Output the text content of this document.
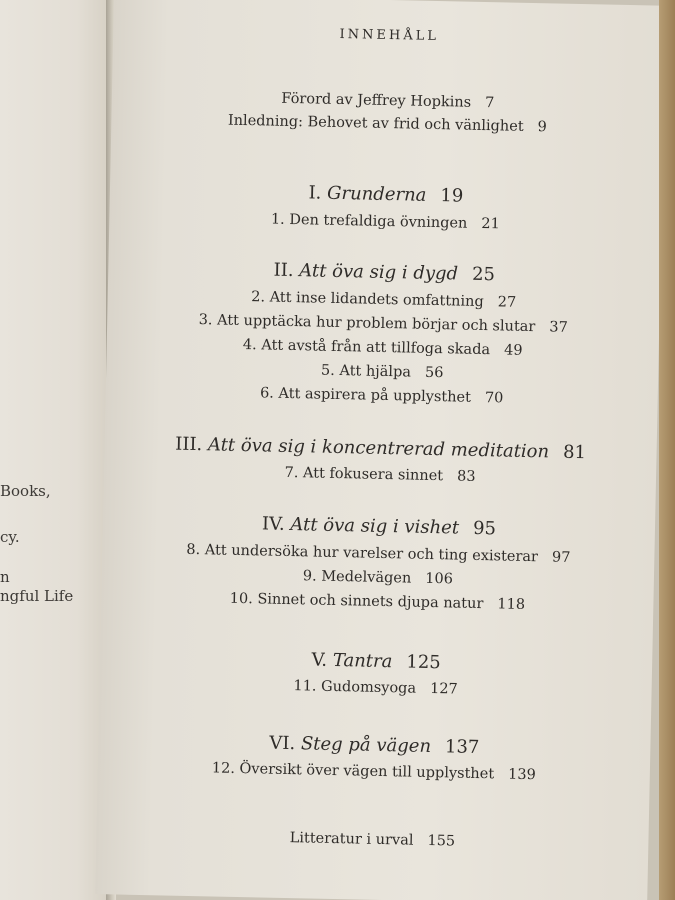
Books,
cy.
n
ngful Life
INNEHÅLL
Förord av Jeffrey Hopkins 7
Inledning: Behovet av frid och vänlighet 9
I. Grunderna 19
1. Den trefaldiga övningen 21
II. Att öva sig i dygd 25
2. Att inse lidandets omfattning 27
3. Att upptäcka hur problem börjar och slutar 37
4. Att avstå från att tillfoga skada 49
5. Att hjälpa 56
6. Att aspirera på upplysthet 70
III. Att öva sig i koncentrerad meditation 81
7. Att fokusera sinnet 83
IV. Att öva sig i vishet 95
8. Att undersöka hur varelser och ting existerar 97
9. Medelvägen 106
10. Sinnet och sinnets djupa natur 118
V. Tantra 125
11. Gudomsyoga 127
VI. Steg på vägen 137
12. Översikt över vägen till upplysthet 139
Litteratur i urval 155
